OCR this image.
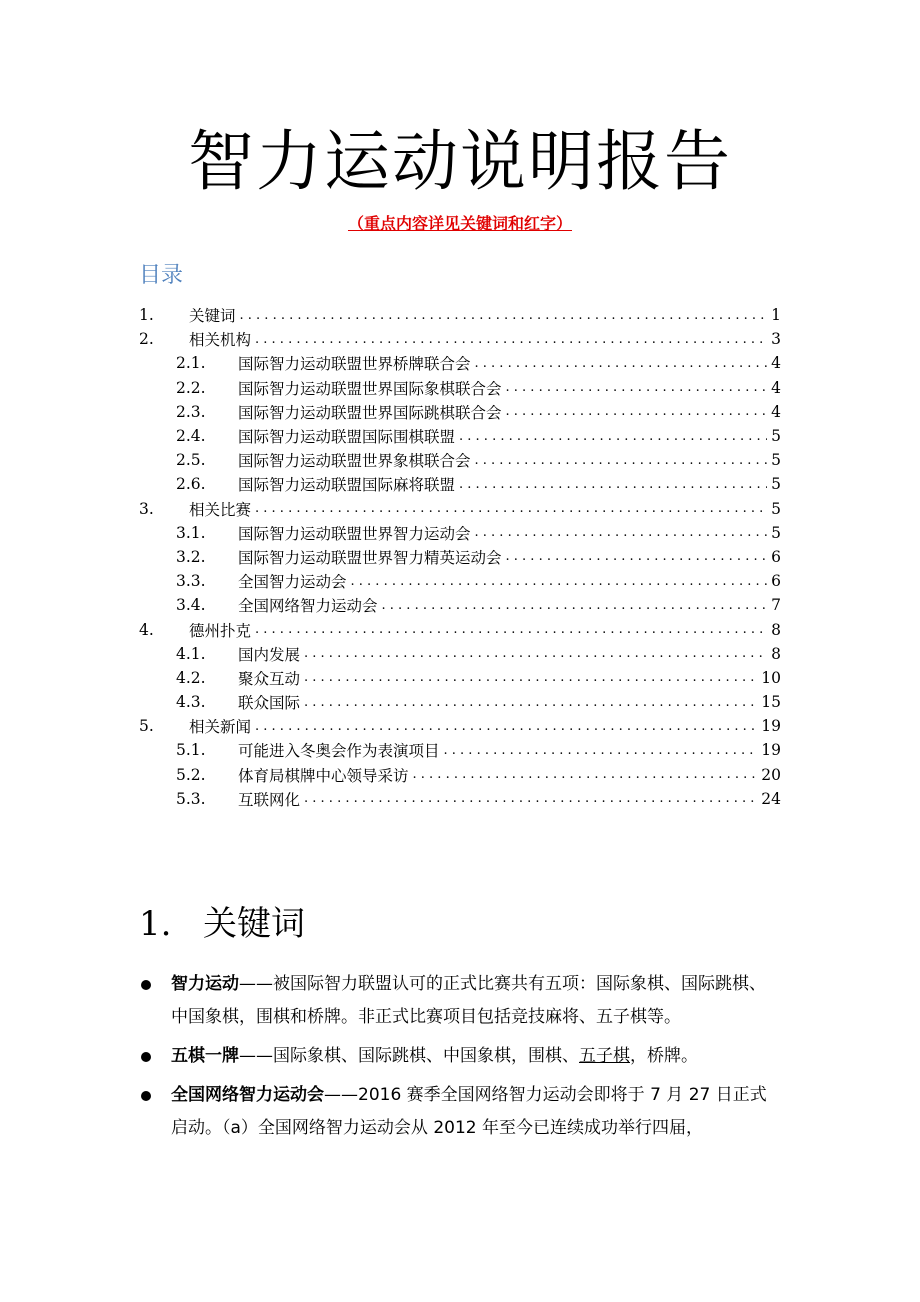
智力运动说明报告
（重点内容详见关键词和红字）
目录
1.	关键词 . . .	1
2.	相关机构 . . .	3
2.1.	国际智力运动联盟世界桥牌联合会 . . .	4
2.2.	国际智力运动联盟世界国际象棋联合会 . . .	4
2.3.	国际智力运动联盟世界国际跳棋联合会 . . .	4
2.4.	国际智力运动联盟国际围棋联盟 . . .	5
2.5.	国际智力运动联盟世界象棋联合会 . . .	5
2.6.	国际智力运动联盟国际麻将联盟 . . .	5
3.	相关比赛 . . .	5
3.1.	国际智力运动联盟世界智力运动会 . . .	5
3.2.	国际智力运动联盟世界智力精英运动会 . . .	6
3.3.	全国智力运动会 . . .	6
3.4.	全国网络智力运动会 . . .	7
4.	德州扑克 . . .	8
4.1.	国内发展 . . .	8
4.2.	聚众互动 . . .	10
4.3.	联众国际 . . .	15
5.	相关新闻 . . .	19
5.1.	可能进入冬奥会作为表演项目 . . .	19
5.2.	体育局棋牌中心领导采访 . . .	20
5.3.	互联网化 . . .	24
1. 关键词
智力运动——被国际智力联盟认可的正式比赛共有五项：国际象棋、国际跳棋、中国象棋，围棋和桥牌。非正式比赛项目包括竞技麻将、五子棋等。
五棋一牌——国际象棋、国际跳棋、中国象棋，围棋、五子棋，桥牌。
全国网络智力运动会——2016 赛季全国网络智力运动会即将于 7 月 27 日正式启动。（a）全国网络智力运动会从 2012 年至今已连续成功举行四届，
